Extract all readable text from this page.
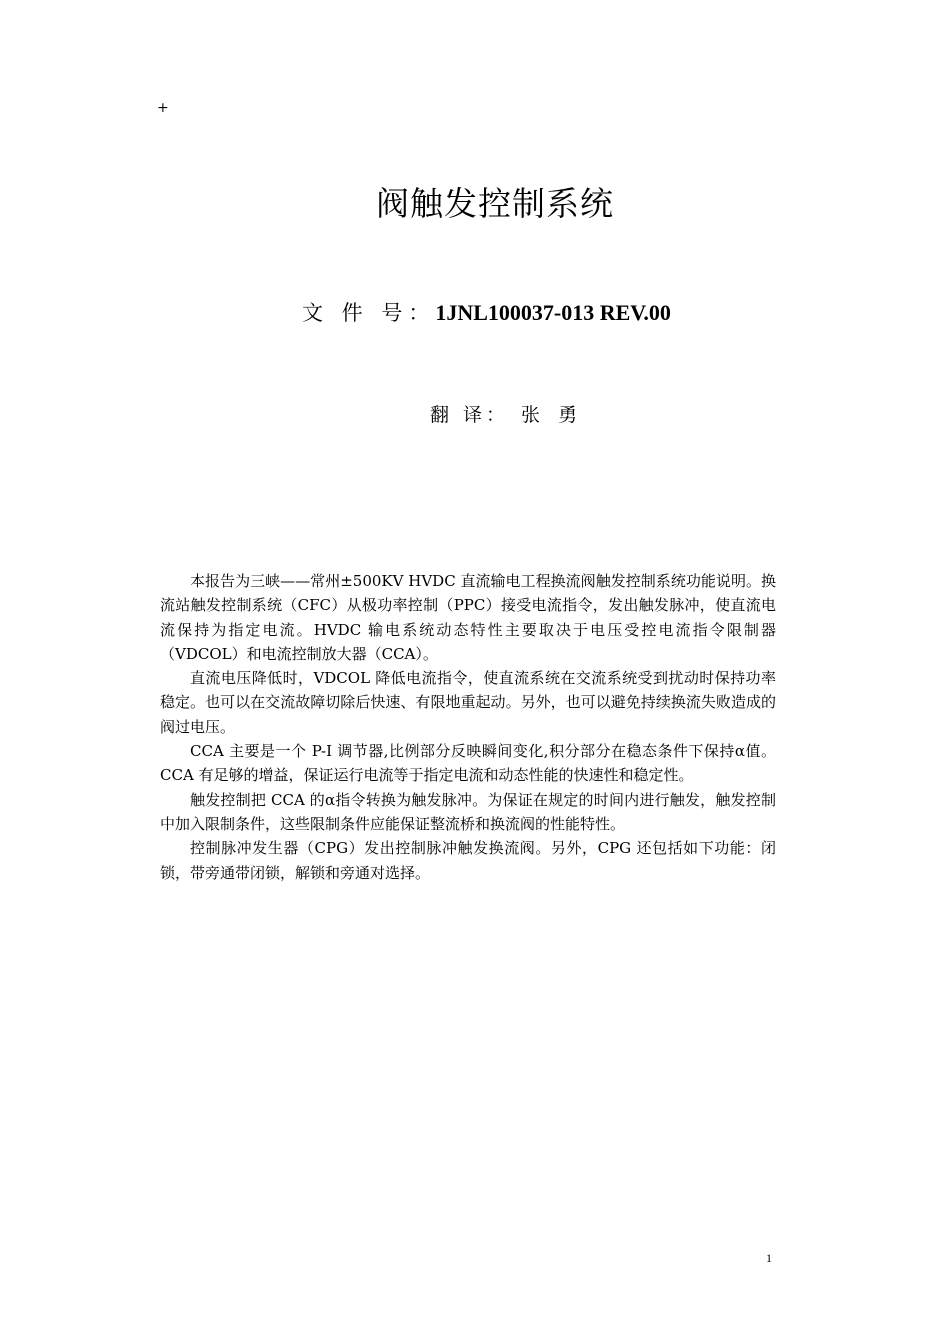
+
阀触发控制系统
文 件 号：1JNL100037-013 REV.00
翻 译： 张 勇

本报告为三峡——常州±500KV HVDC 直流输电工程换流阀触发控制系统功能说明。换流站触发控制系统（CFC）从极功率控制（PPC）接受电流指令，发出触发脉冲，使直流电流保持为指定电流。HVDC 输电系统动态特性主要取决于电压受控电流指令限制器（VDCOL）和电流控制放大器（CCA）。

直流电压降低时，VDCOL 降低电流指令，使直流系统在交流系统受到扰动时保持功率稳定。也可以在交流故障切除后快速、有限地重起动。另外，也可以避免持续换流失败造成的阀过电压。

CCA 主要是一个 P-I 调节器,比例部分反映瞬间变化,积分部分在稳态条件下保持α值。CCA 有足够的增益，保证运行电流等于指定电流和动态性能的快速性和稳定性。

触发控制把 CCA 的α指令转换为触发脉冲。为保证在规定的时间内进行触发，触发控制中加入限制条件，这些限制条件应能保证整流桥和换流阀的性能特性。

控制脉冲发生器（CPG）发出控制脉冲触发换流阀。另外，CPG 还包括如下功能：闭锁，带旁通带闭锁，解锁和旁通对选择。

1
